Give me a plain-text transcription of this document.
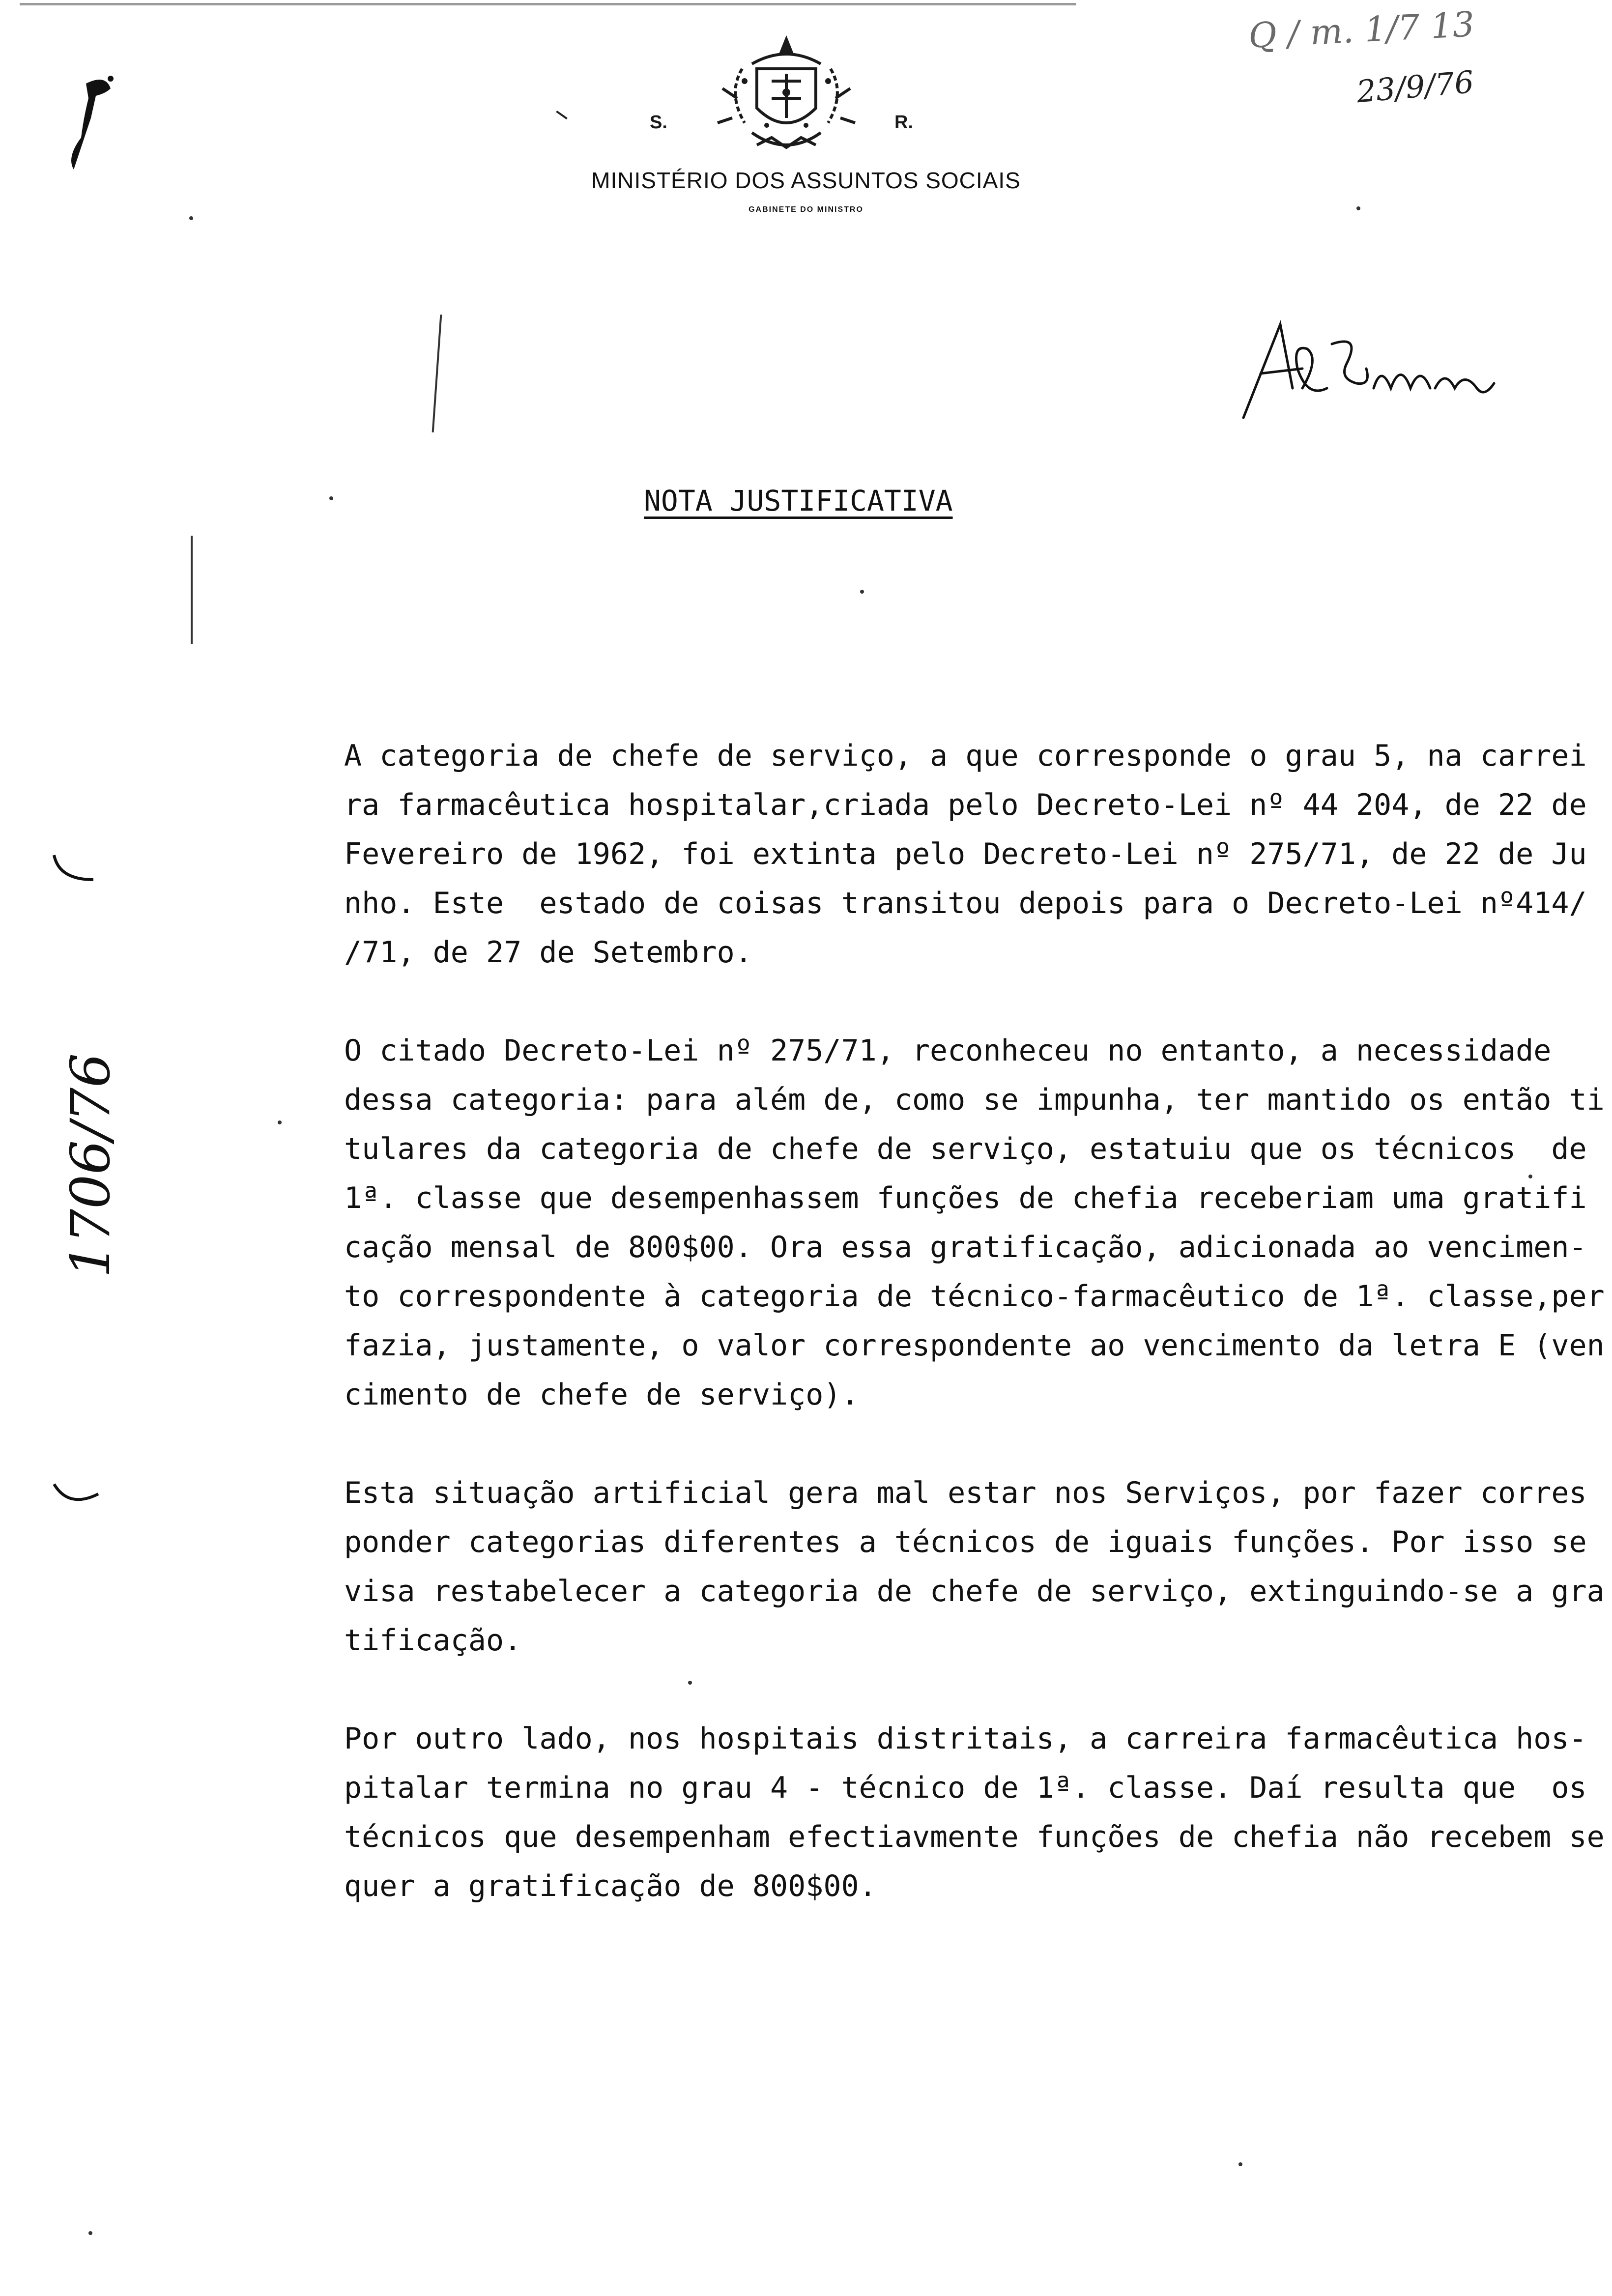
S.	R.
MINISTÉRIO DOS ASSUNTOS SOCIAIS
GABINETE DO MINISTRO
Q / m. 1/7 13
23/9/76
1706/76
NOTA JUSTIFICATIVA
A categoria de chefe de serviço, a que corresponde o grau 5, na carrei
ra farmacêutica hospitalar,criada pelo Decreto-Lei nº 44 204, de 22 de
Fevereiro de 1962, foi extinta pelo Decreto-Lei nº 275/71, de 22 de Ju
nho. Este  estado de coisas transitou depois para o Decreto-Lei nº414/
/71, de 27 de Setembro.
O citado Decreto-Lei nº 275/71, reconheceu no entanto, a necessidade
dessa categoria: para além de, como se impunha, ter mantido os então ti
tulares da categoria de chefe de serviço, estatuiu que os técnicos  de
1ª. classe que desempenhassem funções de chefia receberiam uma gratifi
cação mensal de 800$00. Ora essa gratificação, adicionada ao vencimen-
to correspondente à categoria de técnico-farmacêutico de 1ª. classe,per
fazia, justamente, o valor correspondente ao vencimento da letra E (ven
cimento de chefe de serviço).
Esta situação artificial gera mal estar nos Serviços, por fazer corres
ponder categorias diferentes a técnicos de iguais funções. Por isso se
visa restabelecer a categoria de chefe de serviço, extinguindo-se a gra
tificação.
Por outro lado, nos hospitais distritais, a carreira farmacêutica hos-
pitalar termina no grau 4 - técnico de 1ª. classe. Daí resulta que  os
técnicos que desempenham efectiavmente funções de chefia não recebem se
quer a gratificação de 800$00.
